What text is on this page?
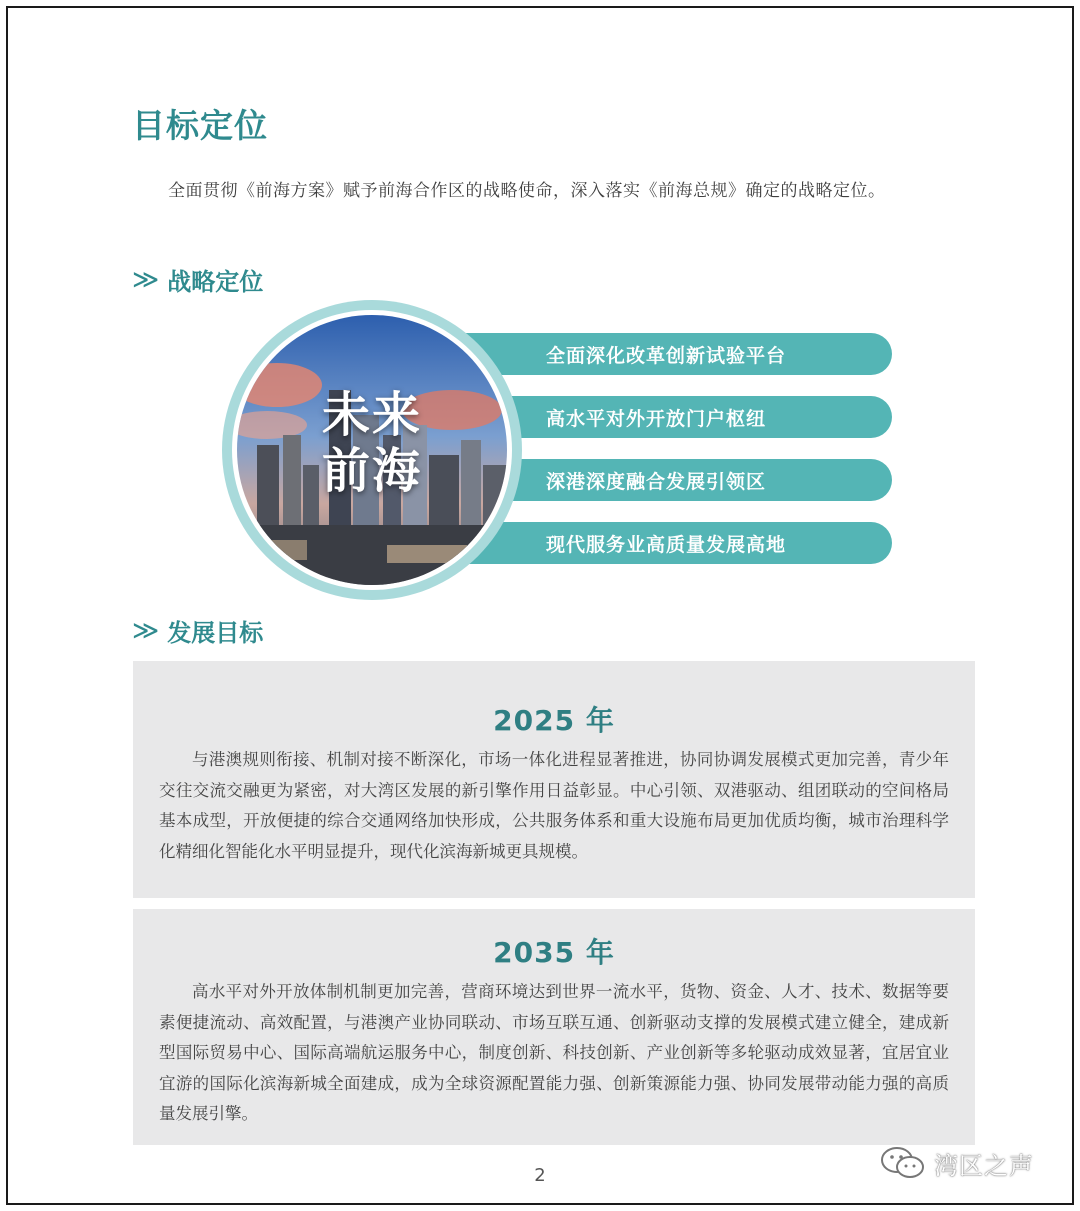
目标定位
全面贯彻《前海方案》赋予前海合作区的战略使命，深入落实《前海总规》确定的战略定位。
≫ 战略定位
未来
前海
全面深化改革创新试验平台
高水平对外开放门户枢纽
深港深度融合发展引领区
现代服务业高质量发展高地
≫ 发展目标
2025 年

与港澳规则衔接、机制对接不断深化，市场一体化进程显著推进，协同协调发展模式更加完善，青少年交往交流交融更为紧密，对大湾区发展的新引擎作用日益彰显。中心引领、双港驱动、组团联动的空间格局基本成型，开放便捷的综合交通网络加快形成，公共服务体系和重大设施布局更加优质均衡，城市治理科学化精细化智能化水平明显提升，现代化滨海新城更具规模。

2035 年

高水平对外开放体制机制更加完善，营商环境达到世界一流水平，货物、资金、人才、技术、数据等要素便捷流动、高效配置，与港澳产业协同联动、市场互联互通、创新驱动支撑的发展模式建立健全，建成新型国际贸易中心、国际高端航运服务中心，制度创新、科技创新、产业创新等多轮驱动成效显著，宜居宜业宜游的国际化滨海新城全面建成，成为全球资源配置能力强、创新策源能力强、协同发展带动能力强的高质量发展引擎。

2	湾区之声
